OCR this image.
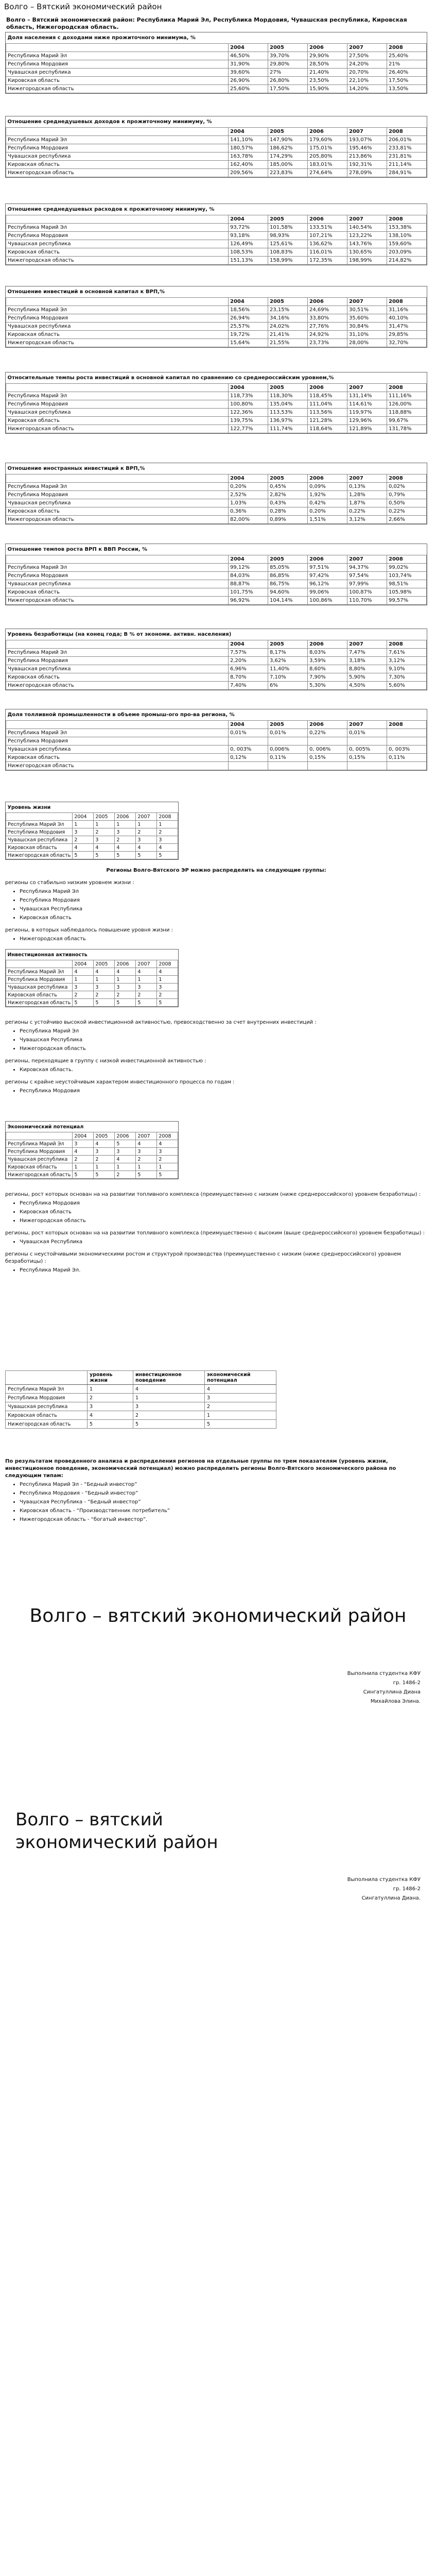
Волго – Вятский экономический район
Волго – Вятский экономический район: Республика Марий Эл, Республика Мордовия, Чувашская республика, Кировская область, Нижегородская область.
Доля населения с доходами ниже прожиточного минимума, %					
	2004	2005	2006	2007	2008
Республика Марий Эл	46,50%	39,70%	29,90%	27,50%	25,40%
Республика Мордовия	31,90%	29,80%	28,50%	24,20%	21%
Чувашская республика	39,60%	27%	21,40%	20,70%	26,40%
Кировская область	26,90%	26,80%	23,50%	22,10%	17,50%
Нижегородская область	25,60%	17,50%	15,90%	14,20%	13,50%
Отношение среднедушевых доходов к прожиточному минимуму, %					
	2004	2005	2006	2007	2008
Республика Марий Эл	141,10%	147,90%	179,60%	193,07%	206,01%
Республика Мордовия	180,57%	186,62%	175,01%	195,46%	233,81%
Чувашская республика	163,78%	174,29%	205,80%	213,86%	231,81%
Кировская область	162,40%	185,00%	183,01%	192,31%	211,14%
Нижегородская область	209,56%	223,83%	274,64%	278,09%	284,91%
Отношение среднедушевых расходов к прожиточному минимуму, %					
	2004	2005	2006	2007	2008
Республика Марий Эл	93,72%	101,58%	133,51%	140,54%	153,38%
Республика Мордовия	93,18%	98,93%	107,21%	123,22%	138,10%
Чувашская республика	126,49%	125,61%	136,62%	143,76%	159,60%
Кировская область	108,53%	108,83%	116,01%	130,65%	203,09%
Нижегородская область	151,13%	158,99%	172,35%	198,99%	214,82%
Отношение инвестиций в основной капитал к ВРП,%					
	2004	2005	2006	2007	2008
Республика Марий Эл	18,56%	23,15%	24,69%	30,51%	31,16%
Республика Мордовия	26,94%	34,16%	33,80%	35,60%	40,10%
Чувашская республика	25,57%	24,02%	27,76%	30,84%	31,47%
Кировская область	19,72%	21,41%	24,92%	31,10%	29,85%
Нижегородская область	15,64%	21,55%	23,73%	28,00%	32,70%
Относительные темпы роста инвестиций в основной капитал по сравнению со среднероссийским уровнем,%					
	2004	2005	2006	2007	2008
Республика Марий Эл	118,73%	118,30%	118,45%	131,14%	111,16%
Республика Мордовия	100,80%	135,04%	111,04%	114,61%	126,00%
Чувашская республика	122,36%	113,53%	113,56%	119,97%	118,88%
Кировская область	139,75%	136,97%	121,28%	129,96%	99,67%
Нижегородская область	122,77%	111,74%	118,64%	121,89%	131,78%
Отношение иностранных инвестиций к ВРП,%					
	2004	2005	2006	2007	2008
Республика Марий Эл	0,20%	0,45%	0,09%	0,13%	0,02%
Республика Мордовия	2,52%	2,82%	1,92%	1,28%	0,79%
Чувашская республика	1,03%	0,43%	0,42%	1,87%	0,50%
Кировская область	0,36%	0,28%	0,20%	0,22%	0,22%
Нижегородская область	82,00%	0,89%	1,51%	3,12%	2,66%
Отношение темпов роста ВРП к ВВП России, %					
	2004	2005	2006	2007	2008
Республика Марий Эл	99,12%	85,05%	97,51%	94,37%	99,02%
Республика Мордовия	84,03%	86,85%	97,42%	97,54%	103,74%
Чувашская республика	88,87%	86,75%	96,12%	97,99%	98,51%
Кировская область	101,75%	94,60%	99,06%	100,87%	105,98%
Нижегородская область	96,92%	104,14%	100,86%	110,70%	99,57%
Уровень безработицы (на конец года; В % от экономи. активн. населения)					
	2004	2005	2006	2007	2008
Республика Марий Эл	7,57%	8,17%	8,03%	7,47%	7,61%
Республика Мордовия	2,20%	3,62%	3,59%	3,18%	3,12%
Чувашская республика	6,96%	11,40%	8,60%	8,80%	9,10%
Кировская область	8,70%	7,10%	7,90%	5,90%	7,30%
Нижегородская область	7,40%	6%	5,30%	4,50%	5,60%
Доля толливной промышленности в объеме промыш-ого про-ва региона, %					
	2004	2005	2006	2007	2008
Республика Марий Эл	0,01%	0,01%	0,22%	0,01%	
Республика Мордовия					
Чувашская республика	0, 003%	0,006%	0, 006%	0, 005%	0, 003%
Кировская область	0,12%	0,11%	0,15%	0,15%	0,11%
Нижегородская область					
Уровень жизни					
	2004	2005	2006	2007	2008
Республика Марий Эл	1	1	1	1	1
Республика Мордовия	3	2	3	2	2
Чувашская республика	2	3	2	3	3
Кировская область	4	4	4	4	4
Нижегородская область	5	5	5	5	5
Регионы Волго-Вятского ЭР можно распределить на следующие группы:
регионы со стабильно низким уровнем жизни :
• Республика Марий Эл
• Республика Мордовия
• Чувашская Республика
• Кировская область
регионы, в которых наблюдалось повышение уровня жизни :
• Нижегородская область
Инвестиционная активность					
	2004	2005	2006	2007	2008
Республика Марий Эл	4	4	4	4	4
Республика Мордовия	1	1	1	1	1
Чувашская республика	3	3	3	3	3
Кировская область	2	2	2	2	2
Нижегородская область	5	5	5	5	5
регионы с устойчиво высокой инвестиционной активностью, превосходственно за счет внутренних инвестиций :
• Республика Марий Эл
• Чувашская Республика
• Нижегородская область
регионы, переходящие в группу с низкой инвестиционной активностью :
• Кировская область.
регионы с крайне неустойчивым характером инвестиционного процесса по годам :
• Республика Мордовия
Экономический потенциал					
	2004	2005	2006	2007	2008
Республика Марий Эл	3	4	5	4	4
Республика Мордовия	4	3	3	3	3
Чувашская республика	2	2	4	2	2
Кировская область	1	1	1	1	1
Нижегородская область	5	5	2	5	5
регионы, рост которых основан на на развитии топливного комплекса (преимущественно с низким (ниже среднероссийского) уровнем безработицы) :
• Республика Мордовия
• Кировская область
• Нижегородская область
регионы, рост которых основан на на развитии топливного комплекса (преимущественно с высоким (выше среднероссийского) уровнем безработицы) :
• Чувашская Республика
регионы с неустойчивыми экономическими ростом и структурой производства (преимущественно с низким (ниже среднероссийского) уровнем безработицы) :
• Республика Марий Эл.
	уровень жизни	инвестиционное поведение	экономический потенциал
Республика Марий Эл	1	4	4
Республика Мордовия	2	1	3
Чувашская республика	3	3	2
Кировская область	4	2	1
Нижегородская область	5	5	5
По результатам проведенного анализа и распределения регионов на отдельные группы по трем показателям (уровень жизни, инвестиционное поведение, экономический потенциал) можно распределить регионы Волго-Вятского экономического района по следующим типам:
• Республика Марий Эл - “Бедный инвестор”
• Республика Мордовия - “Бедный инвестор”
• Чувашская Республика - “Бедный инвестор”
• Кировская область - “Производственник потребитель”
• Нижегородская область - “богатый инвестор”.
Волго – вятский экономический район
Выполнила студентка КФУ
гр. 1486-2
Сингатуллина Диана
Михайлова Элина.
Волго – вятский экономический район
Выполнила студентка КФУ
гр. 1486-2
Сингатуллина Диана.
